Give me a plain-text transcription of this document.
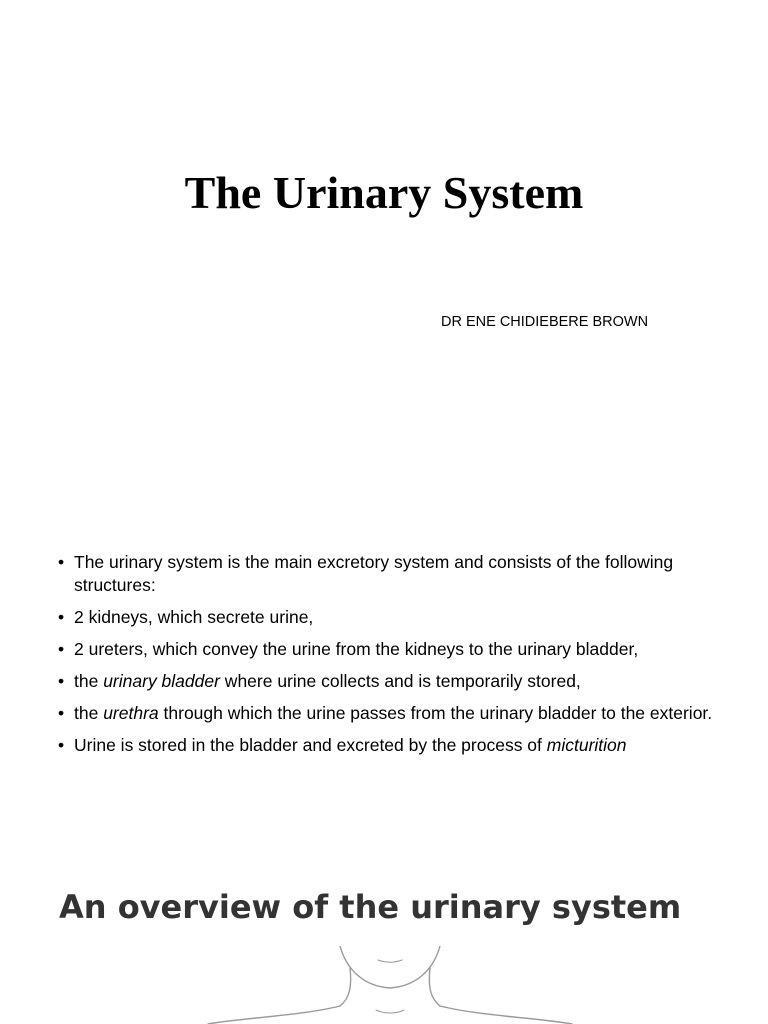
The Urinary System

DR ENE CHIDIEBERE BROWN

• The urinary system is the main excretory system and consists of the following structures:
• 2 kidneys, which secrete urine,
• 2 ureters, which convey the urine from the kidneys to the urinary bladder,
• the urinary bladder where urine collects and is temporarily stored,
• the urethra through which the urine passes from the urinary bladder to the exterior.
• Urine is stored in the bladder and excreted by the process of micturition
An overview of the urinary system
